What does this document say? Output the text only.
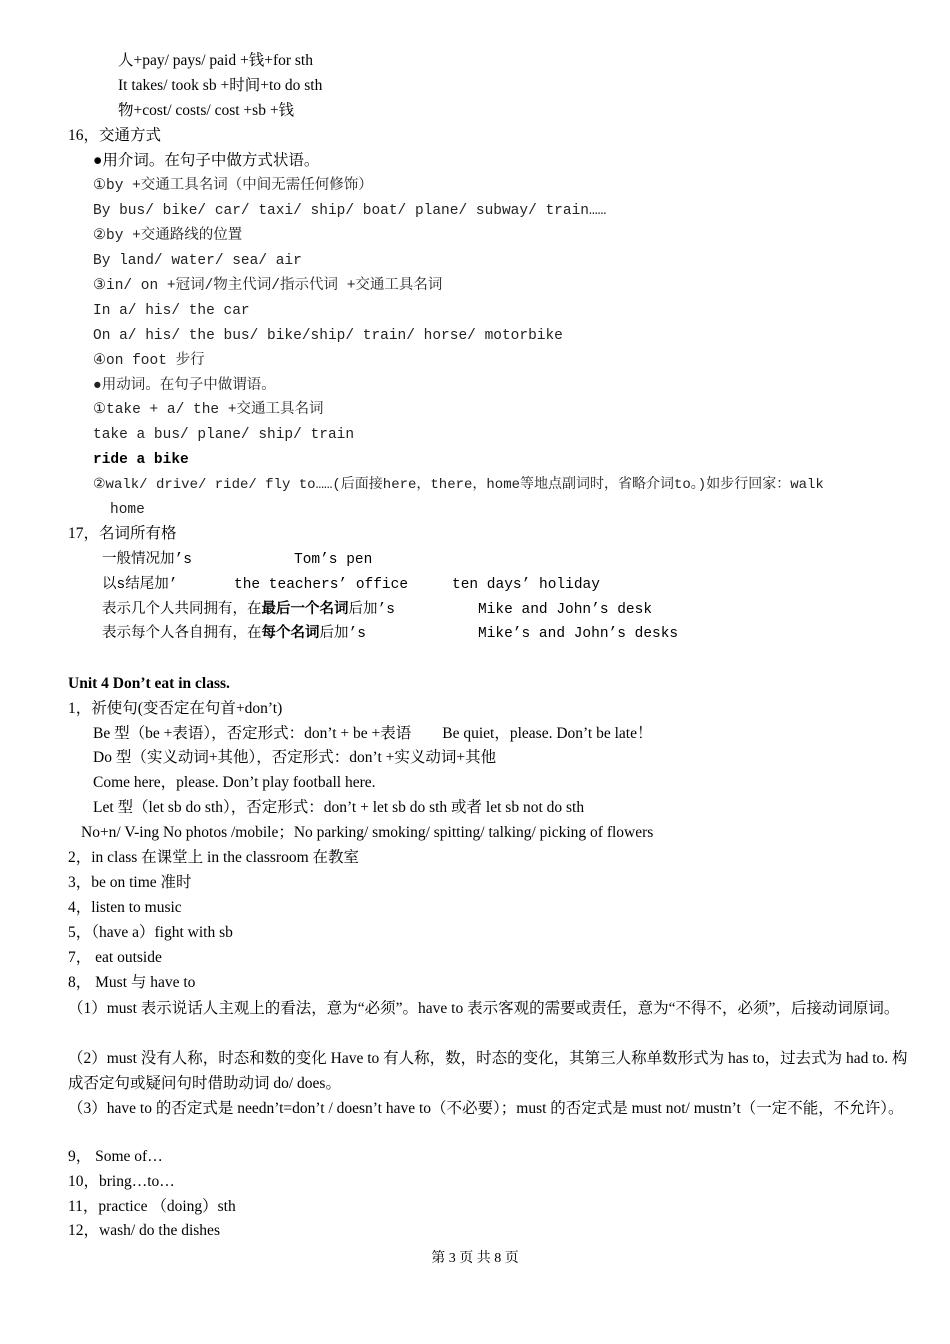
人+pay/ pays/ paid +钱+for sth
It takes/ took sb +时间+to do sth
物+cost/ costs/ cost +sb +钱
16，交通方式
●用介词。在句子中做方式状语。
①by +交通工具名词（中间无需任何修饰）
By bus/ bike/ car/ taxi/ ship/ boat/ plane/ subway/ train……
②by +交通路线的位置
By land/ water/ sea/ air
③in/ on +冠词/物主代词/指示代词 +交通工具名词
In a/ his/ the car
On a/ his/ the bus/ bike/ship/ train/ horse/ motorbike
④on foot 步行
●用动词。在句子中做谓语。
①take + a/ the +交通工具名词
take a bus/ plane/ ship/ train
ride a bike
②walk/ drive/ ride/ fly to……(后面接here，there，home等地点副词时，省略介词to。)如步行回家：walk
home
17，名词所有格
一般情况加’s	Tom’s pen
以s结尾加’	the teachers’ office	ten days’ holiday
表示几个人共同拥有，在最后一个名词后加’s	Mike and John’s desk
表示每个人各自拥有，在每个名词后加’s	Mike’s and John’s desks
Unit 4 Don’t eat in class.
1，祈使句(变否定在句首+don’t)
Be 型（be +表语），否定形式：don’t + be +表语　　Be quiet，please. Don’t be late！
Do 型（实义动词+其他），否定形式：don’t +实义动词+其他
Come here，please. Don’t play football here.
Let 型（let sb do sth），否定形式：don’t + let sb do sth 或者 let sb not do sth
No+n/ V-ing No photos /mobile；No parking/ smoking/ spitting/ talking/ picking of flowers
2，in class 在课堂上 in the classroom 在教室
3，be on time 准时
4，listen to music
5，（have a）fight with sb
7， eat outside
8， Must 与 have to
（1）must 表示说话人主观上的看法，意为“必须”。have to 表示客观的需要或责任，意为“不得不，必须”，后接动词原词。
（2）must 没有人称，时态和数的变化 Have to 有人称，数，时态的变化，其第三人称单数形式为 has to，过去式为 had to. 构成否定句或疑问句时借助动词 do/ does。
（3）have to 的否定式是 needn’t=don’t / doesn’t have to（不必要）；must 的否定式是 must not/ mustn’t（一定不能，不允许）。
9， Some of…
10，bring…to…
11，practice （doing）sth
12，wash/ do the dishes
第 3 页 共 8 页
